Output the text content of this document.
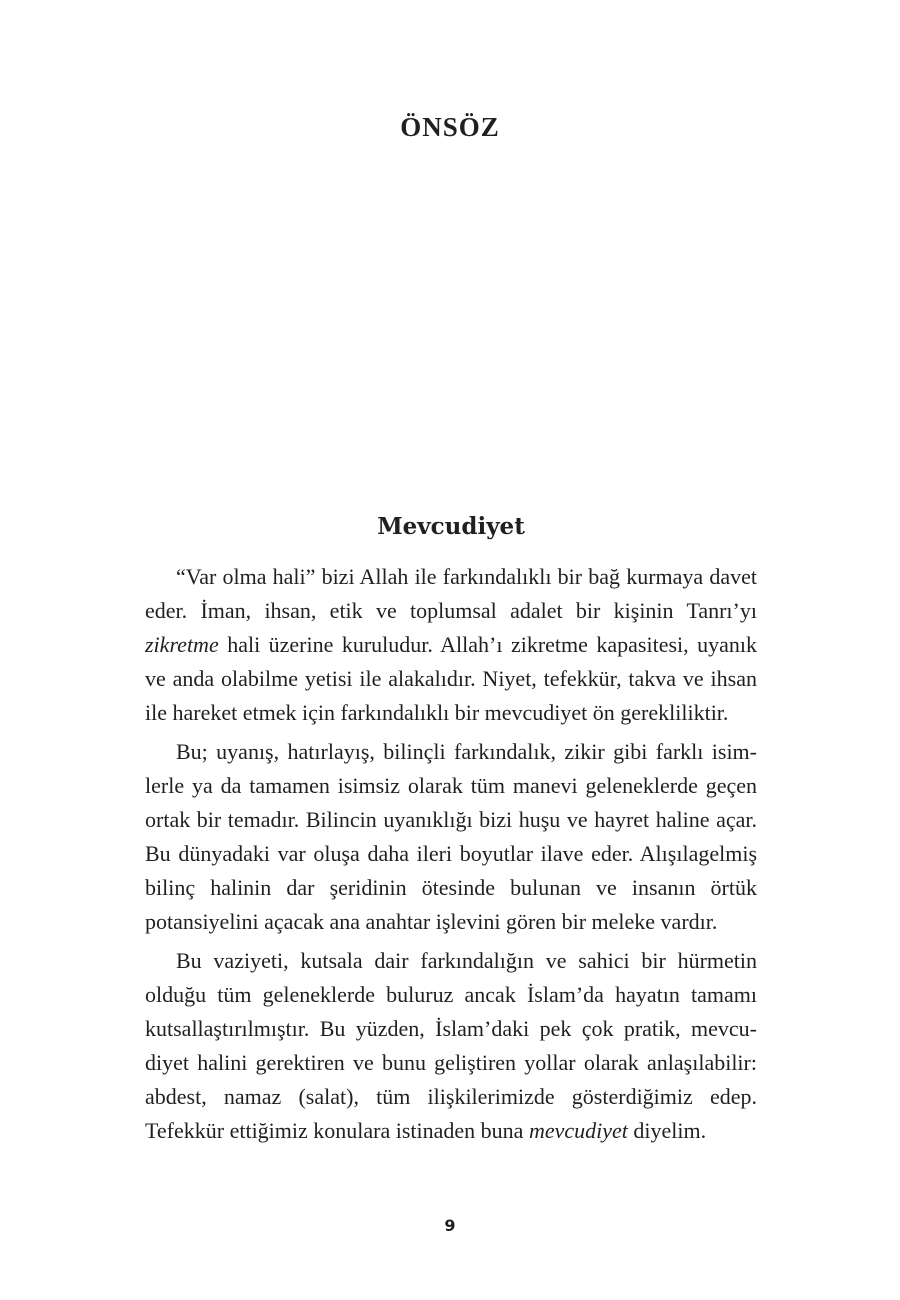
ÖNSÖZ
Mevcudiyet

“Var olma hali” bizi Allah ile farkındalıklı bir bağ kurmaya davet eder. İman, ihsan, etik ve toplumsal adalet bir kişinin Tanrı’yı zikretme hali üzerine kuruludur. Allah’ı zikretme kapasitesi, uyanık ve anda olabilme yetisi ile alakalıdır. Niyet, tefekkür, takva ve ihsan ile hareket etmek için farkındalıklı bir mevcudiyet ön gerekliliktir.

Bu; uyanış, hatırlayış, bilinçli farkındalık, zikir gibi farklı isimlerle ya da tamamen isimsiz olarak tüm manevi geleneklerde geçen ortak bir temadır. Bilincin uyanıklığı bizi huşu ve hayret haline açar. Bu dünyadaki var oluşa daha ileri boyutlar ilave eder. Alışılagelmiş bilinç halinin dar şeridinin ötesinde bulunan ve insanın örtük potansiyelini açacak ana anahtar işlevini gören bir meleke vardır.

Bu vaziyeti, kutsala dair farkındalığın ve sahici bir hürmetin olduğu tüm geleneklerde buluruz ancak İslam’da hayatın tamamı kutsallaştırılmıştır. Bu yüzden, İslam’daki pek çok pratik, mevcudiyet halini gerektiren ve bunu geliştiren yollar olarak anlaşılabilir: abdest, namaz (salat), tüm ilişkilerimizde gösterdiğimiz edep. Tefekkür ettiğimiz konulara istinaden buna mevcudiyet diyelim.

9
